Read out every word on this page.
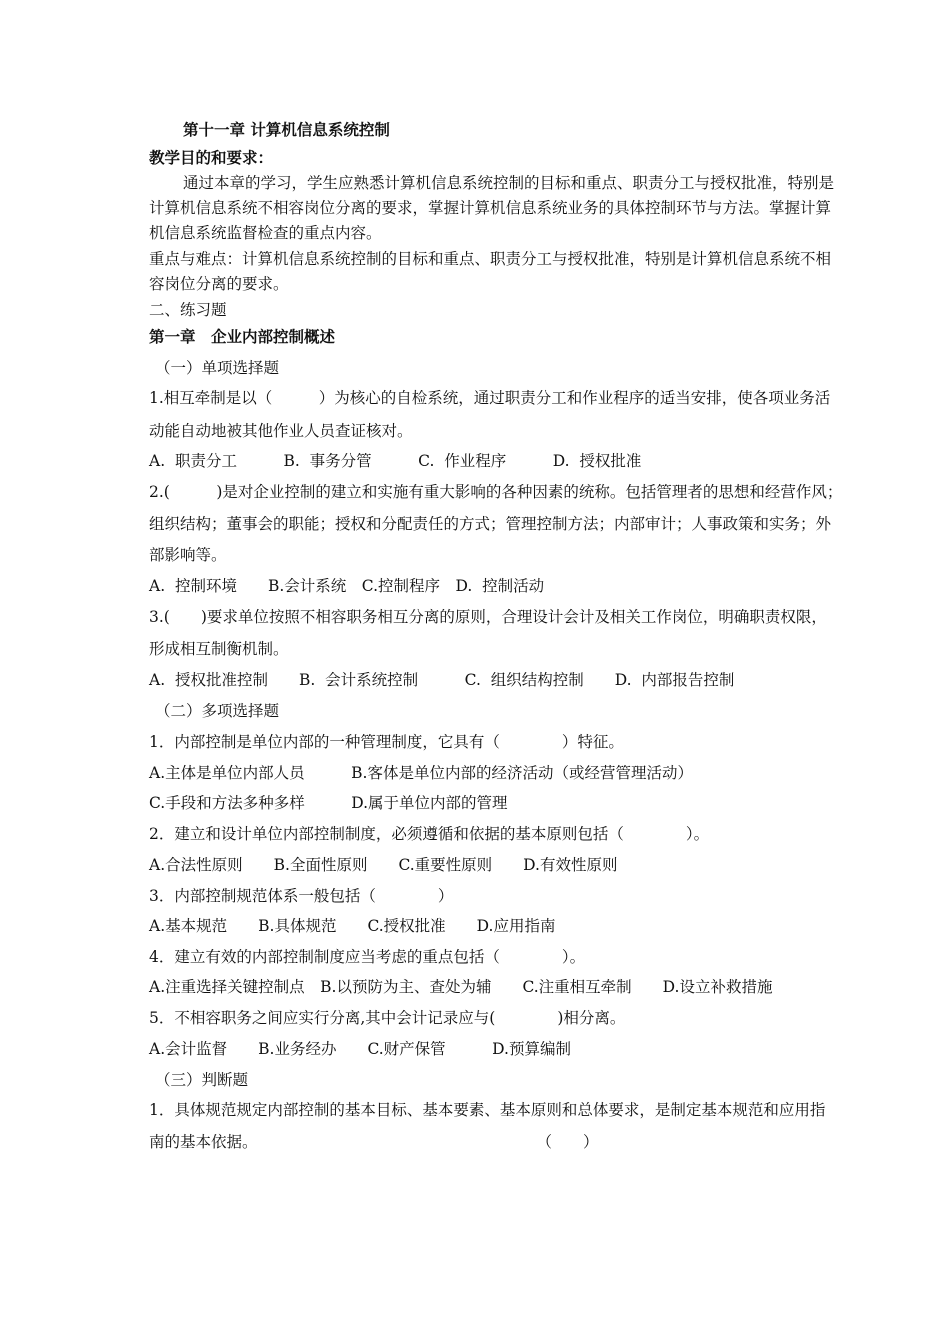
第十一章 计算机信息系统控制
教学目的和要求：
通过本章的学习，学生应熟悉计算机信息系统控制的目标和重点、职责分工与授权批准，特别是
计算机信息系统不相容岗位分离的要求，掌握计算机信息系统业务的具体控制环节与方法。掌握计算
机信息系统监督检查的重点内容。
重点与难点：计算机信息系统控制的目标和重点、职责分工与授权批准，特别是计算机信息系统不相
容岗位分离的要求。
二、练习题
第一章　企业内部控制概述
（一）单项选择题
1.相互牵制是以（　　　）为核心的自检系统，通过职责分工和作业程序的适当安排，使各项业务活
动能自动地被其他作业人员查证核对。
A.  职责分工　　　B.  事务分管　　　C.  作业程序　　　D.  授权批准
2.(　　　)是对企业控制的建立和实施有重大影响的各种因素的统称。包括管理者的思想和经营作风；
组织结构；董事会的职能；授权和分配责任的方式；管理控制方法；内部审计；人事政策和实务；外
部影响等。
A.  控制环境　　B.会计系统　C.控制程序　D.  控制活动
3.(　　)要求单位按照不相容职务相互分离的原则，合理设计会计及相关工作岗位，明确职责权限，
形成相互制衡机制。
A.  授权批准控制　　B.  会计系统控制　　　C.  组织结构控制　　D.  内部报告控制
（二）多项选择题
1．内部控制是单位内部的一种管理制度，它具有（　　　　）特征。
A.主体是单位内部人员　　　B.客体是单位内部的经济活动（或经营管理活动）
C.手段和方法多种多样　　　D.属于单位内部的管理
2．建立和设计单位内部控制制度，必须遵循和依据的基本原则包括（　　　　）。
A.合法性原则　　B.全面性原则　　C.重要性原则　　D.有效性原则
3．内部控制规范体系一般包括（　　　　）
A.基本规范　　B.具体规范　　C.授权批准　　D.应用指南
4．建立有效的内部控制制度应当考虑的重点包括（　　　　）。
A.注重选择关键控制点　B.以预防为主、查处为辅　　C.注重相互牵制　　D.设立补救措施
5．不相容职务之间应实行分离,其中会计记录应与(　　　　)相分离。
A.会计监督　　B.业务经办　　C.财产保管　　　D.预算编制
（三）判断题
1．具体规范规定内部控制的基本目标、基本要素、基本原则和总体要求，是制定基本规范和应用指
南的基本依据。　　　　　　　　　　　　　　　　　　　（　　）
